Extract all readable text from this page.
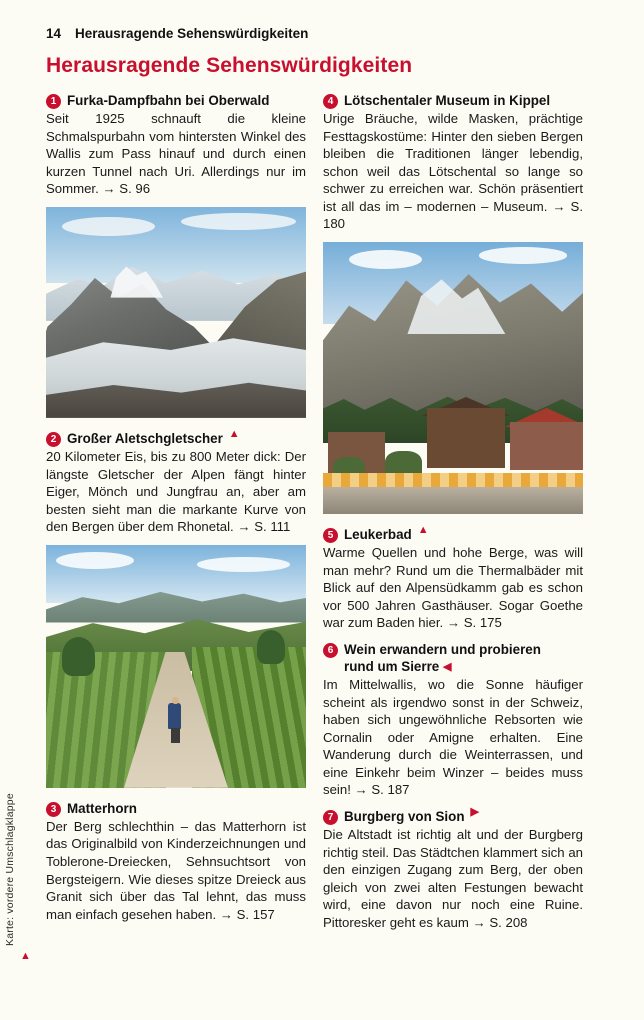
14 Herausragende Sehenswürdigkeiten
Herausragende Sehenswürdigkeiten
1 Furka-Dampfbahn bei Oberwald

Seit 1925 schnauft die kleine Schmalspurbahn vom hintersten Winkel des Wallis zum Pass hinauf und durch einen kurzen Tunnel nach Uri. Allerdings nur im Sommer. → S. 96

2 Großer Aletschgletscher ▲

20 Kilometer Eis, bis zu 800 Meter dick: Der längste Gletscher der Alpen fängt hinter Eiger, Mönch und Jungfrau an, aber am besten sieht man die markante Kurve von den Bergen über dem Rhonetal. → S. 111

3 Matterhorn

Der Berg schlechthin – das Matterhorn ist das Originalbild von Kinderzeichnungen und Toblerone-Dreiecken, Sehnsuchtsort von Bergsteigern. Wie dieses spitze Dreieck aus Granit sich über das Tal lehnt, das muss man einfach gesehen haben. → S. 157

4 Lötschentaler Museum in Kippel

Urige Bräuche, wilde Masken, prächtige Festtagskostüme: Hinter den sieben Bergen bleiben die Traditionen länger lebendig, schon weil das Lötschental so lange so schwer zu erreichen war. Schön präsentiert ist all das im – modernen – Museum. → S. 180

5 Leukerbad ▲

Warme Quellen und hohe Berge, was will man mehr? Rund um die Thermalbäder mit Blick auf den Alpensüdkamm gab es schon vor 500 Jahren Gasthäuser. Sogar Goethe war zum Baden hier. → S. 175

6 Wein erwandern und probieren
rund um Sierre ◀

Im Mittelwallis, wo die Sonne häufiger scheint als irgendwo sonst in der Schweiz, haben sich ungewöhnliche Rebsorten wie Cornalin oder Amigne erhalten. Eine Wanderung durch die Weinterrassen, und eine Einkehr beim Winzer – beides muss sein! → S. 187

7 Burgberg von Sion ▶

Die Altstadt ist richtig alt und der Burgberg richtig steil. Das Städtchen klammert sich an den einzigen Zugang zum Berg, der oben gleich von zwei alten Festungen bewacht wird, eine davon nur noch eine Ruine. Pittoresker geht es kaum → S. 208

Karte: vordere Umschlagklappe
▲
